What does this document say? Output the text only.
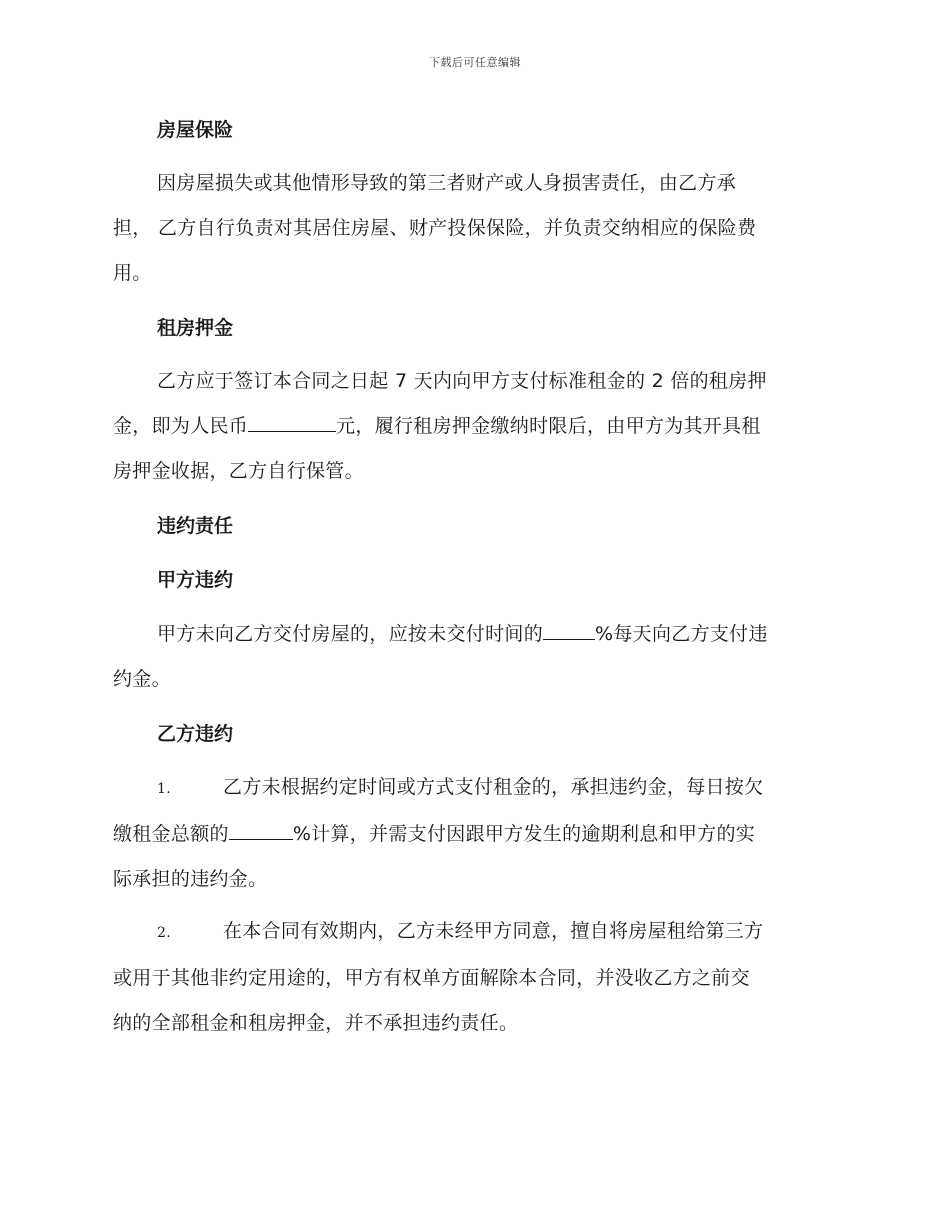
下载后可任意编辑
房屋保险
因房屋损失或其他情形导致的第三者财产或人身损害责任，由乙方承
担， 乙方自行负责对其居住房屋、财产投保保险，并负责交纳相应的保险费
用。
租房押金
乙方应于签订本合同之日起 7 天内向甲方支付标准租金的 2 倍的租房押
金，即为人民币	元，履行租房押金缴纳时限后，由甲方为其开具租
房押金收据，乙方自行保管。
违约责任
甲方违约
甲方未向乙方交付房屋的，应按未交付时间的	%每天向乙方支付违
约金。
乙方违约
1.	乙方未根据约定时间或方式支付租金的，承担违约金，每日按欠
缴租金总额的	%计算，并需支付因跟甲方发生的逾期利息和甲方的实
际承担的违约金。
2.	在本合同有效期内，乙方未经甲方同意，擅自将房屋租给第三方
或用于其他非约定用途的，甲方有权单方面解除本合同，并没收乙方之前交
纳的全部租金和租房押金，并不承担违约责任。
